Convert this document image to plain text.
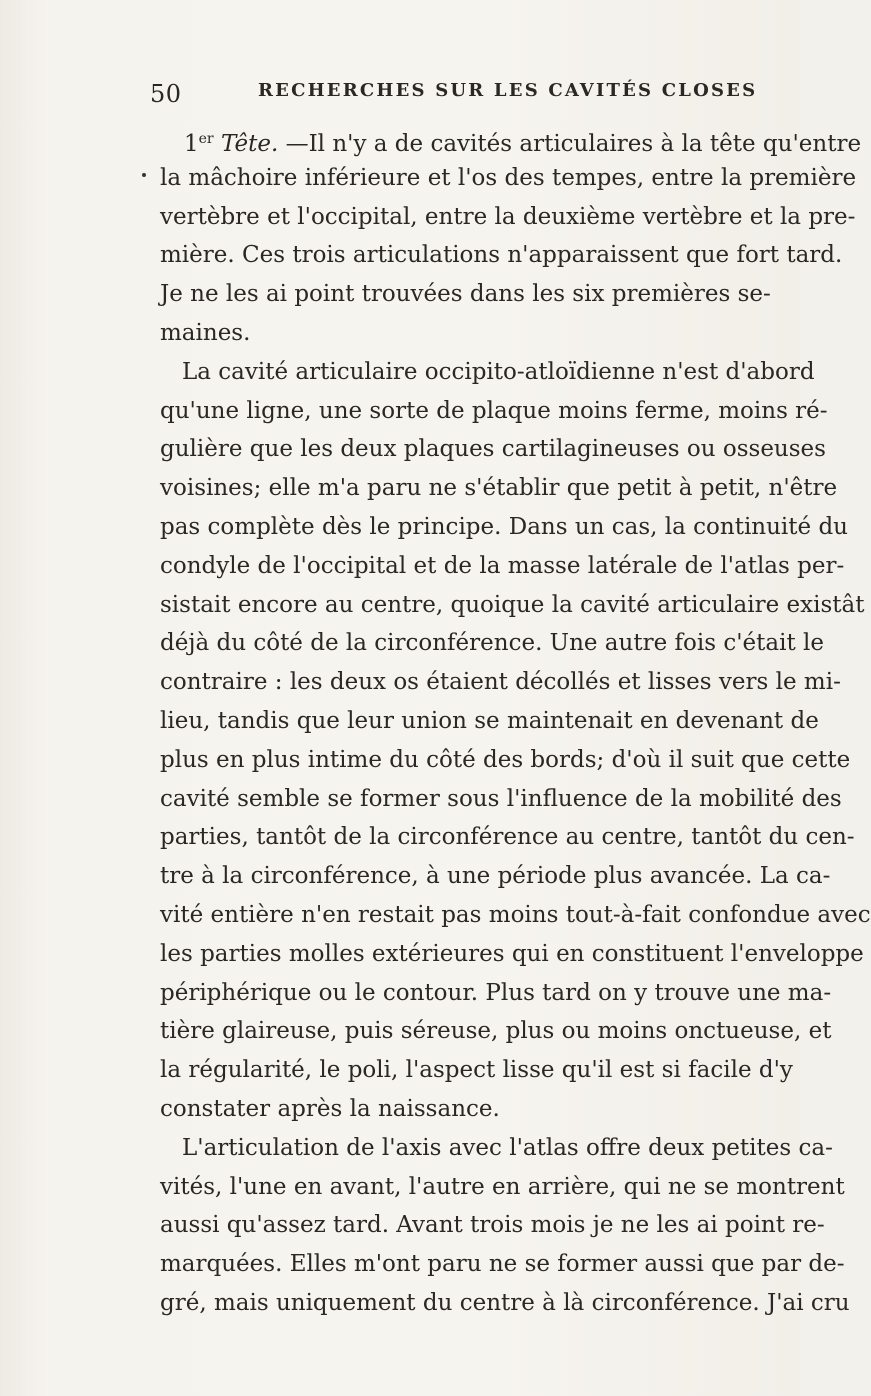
50	RECHERCHES SUR LES CAVITÉS CLOSES
1er Tête. —Il n'y a de cavités articulaires à la tête qu'entre
la mâchoire inférieure et l'os des tempes, entre la première
vertèbre et l'occipital, entre la deuxième vertèbre et la pre-
mière. Ces trois articulations n'apparaissent que fort tard.
Je ne les ai point trouvées dans les six premières se-
maines.
La cavité articulaire occipito-atloïdienne n'est d'abord
qu'une ligne, une sorte de plaque moins ferme, moins ré-
gulière que les deux plaques cartilagineuses ou osseuses
voisines; elle m'a paru ne s'établir que petit à petit, n'être
pas complète dès le principe. Dans un cas, la continuité du
condyle de l'occipital et de la masse latérale de l'atlas per-
sistait encore au centre, quoique la cavité articulaire existât
déjà du côté de la circonférence. Une autre fois c'était le
contraire : les deux os étaient décollés et lisses vers le mi-
lieu, tandis que leur union se maintenait en devenant de
plus en plus intime du côté des bords; d'où il suit que cette
cavité semble se former sous l'influence de la mobilité des
parties, tantôt de la circonférence au centre, tantôt du cen-
tre à la circonférence, à une période plus avancée. La ca-
vité entière n'en restait pas moins tout-à-fait confondue avec
les parties molles extérieures qui en constituent l'enveloppe
périphérique ou le contour. Plus tard on y trouve une ma-
tière glaireuse, puis séreuse, plus ou moins onctueuse, et
la régularité, le poli, l'aspect lisse qu'il est si facile d'y
constater après la naissance.
L'articulation de l'axis avec l'atlas offre deux petites ca-
vités, l'une en avant, l'autre en arrière, qui ne se montrent
aussi qu'assez tard. Avant trois mois je ne les ai point re-
marquées. Elles m'ont paru ne se former aussi que par de-
gré, mais uniquement du centre à là circonférence. J'ai cru
